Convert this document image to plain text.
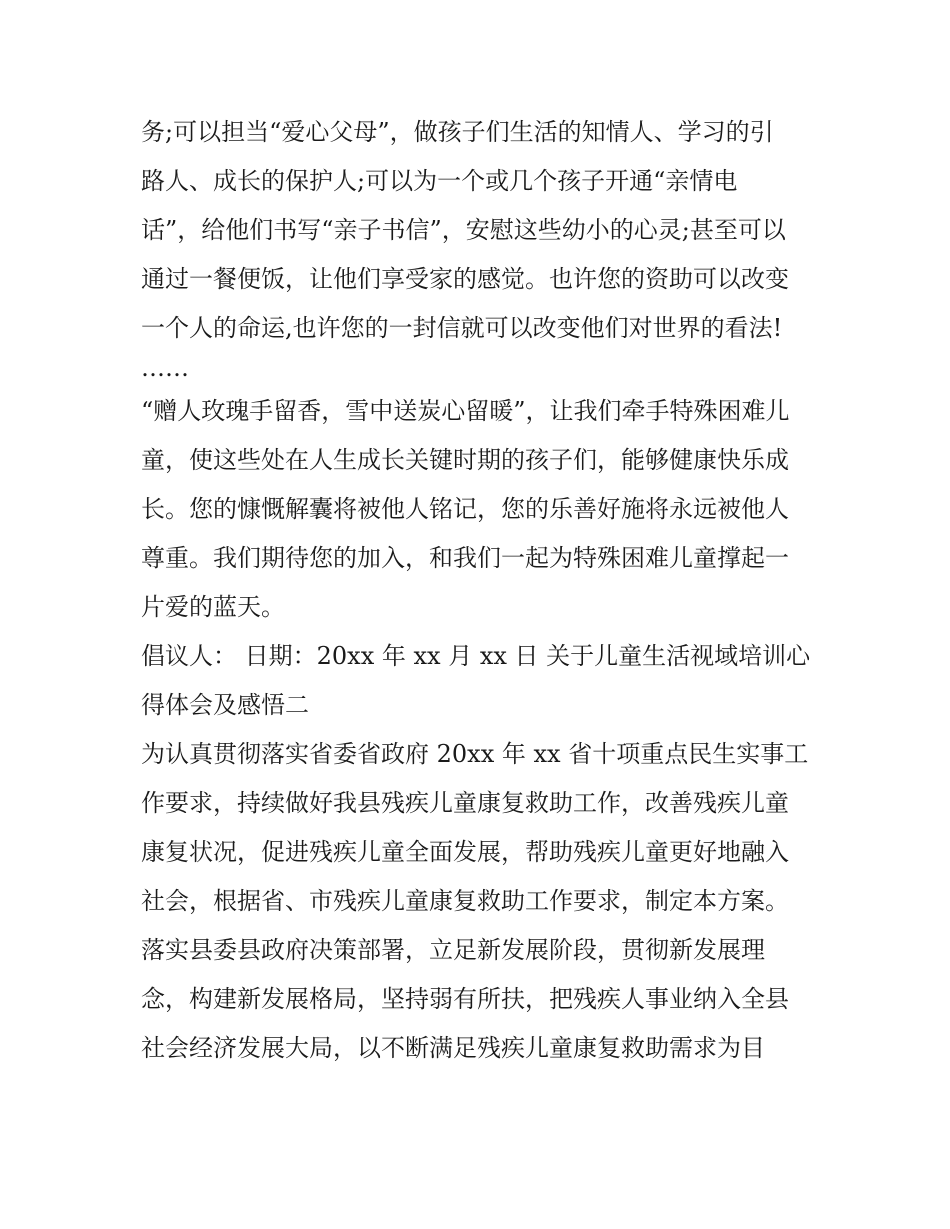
务;可以担当“爱心父母”，做孩子们生活的知情人、学习的引
路人、成长的保护人;可以为一个或几个孩子开通“亲情电
话”，给他们书写“亲子书信”，安慰这些幼小的心灵;甚至可以
通过一餐便饭，让他们享受家的感觉。也许您的资助可以改变
一个人的命运,也许您的一封信就可以改变他们对世界的看法!
……
“赠人玫瑰手留香，雪中送炭心留暖”，让我们牵手特殊困难儿
童，使这些处在人生成长关键时期的孩子们，能够健康快乐成
长。您的慷慨解囊将被他人铭记，您的乐善好施将永远被他人
尊重。我们期待您的加入，和我们一起为特殊困难儿童撑起一
片爱的蓝天。
倡议人： 日期：20xx 年 xx 月 xx 日 关于儿童生活视域培训心
得体会及感悟二
为认真贯彻落实省委省政府 20xx 年 xx 省十项重点民生实事工
作要求，持续做好我县残疾儿童康复救助工作，改善残疾儿童
康复状况，促进残疾儿童全面发展，帮助残疾儿童更好地融入
社会，根据省、市残疾儿童康复救助工作要求，制定本方案。
落实县委县政府决策部署，立足新发展阶段，贯彻新发展理
念，构建新发展格局，坚持弱有所扶，把残疾人事业纳入全县
社会经济发展大局，以不断满足残疾儿童康复救助需求为目
